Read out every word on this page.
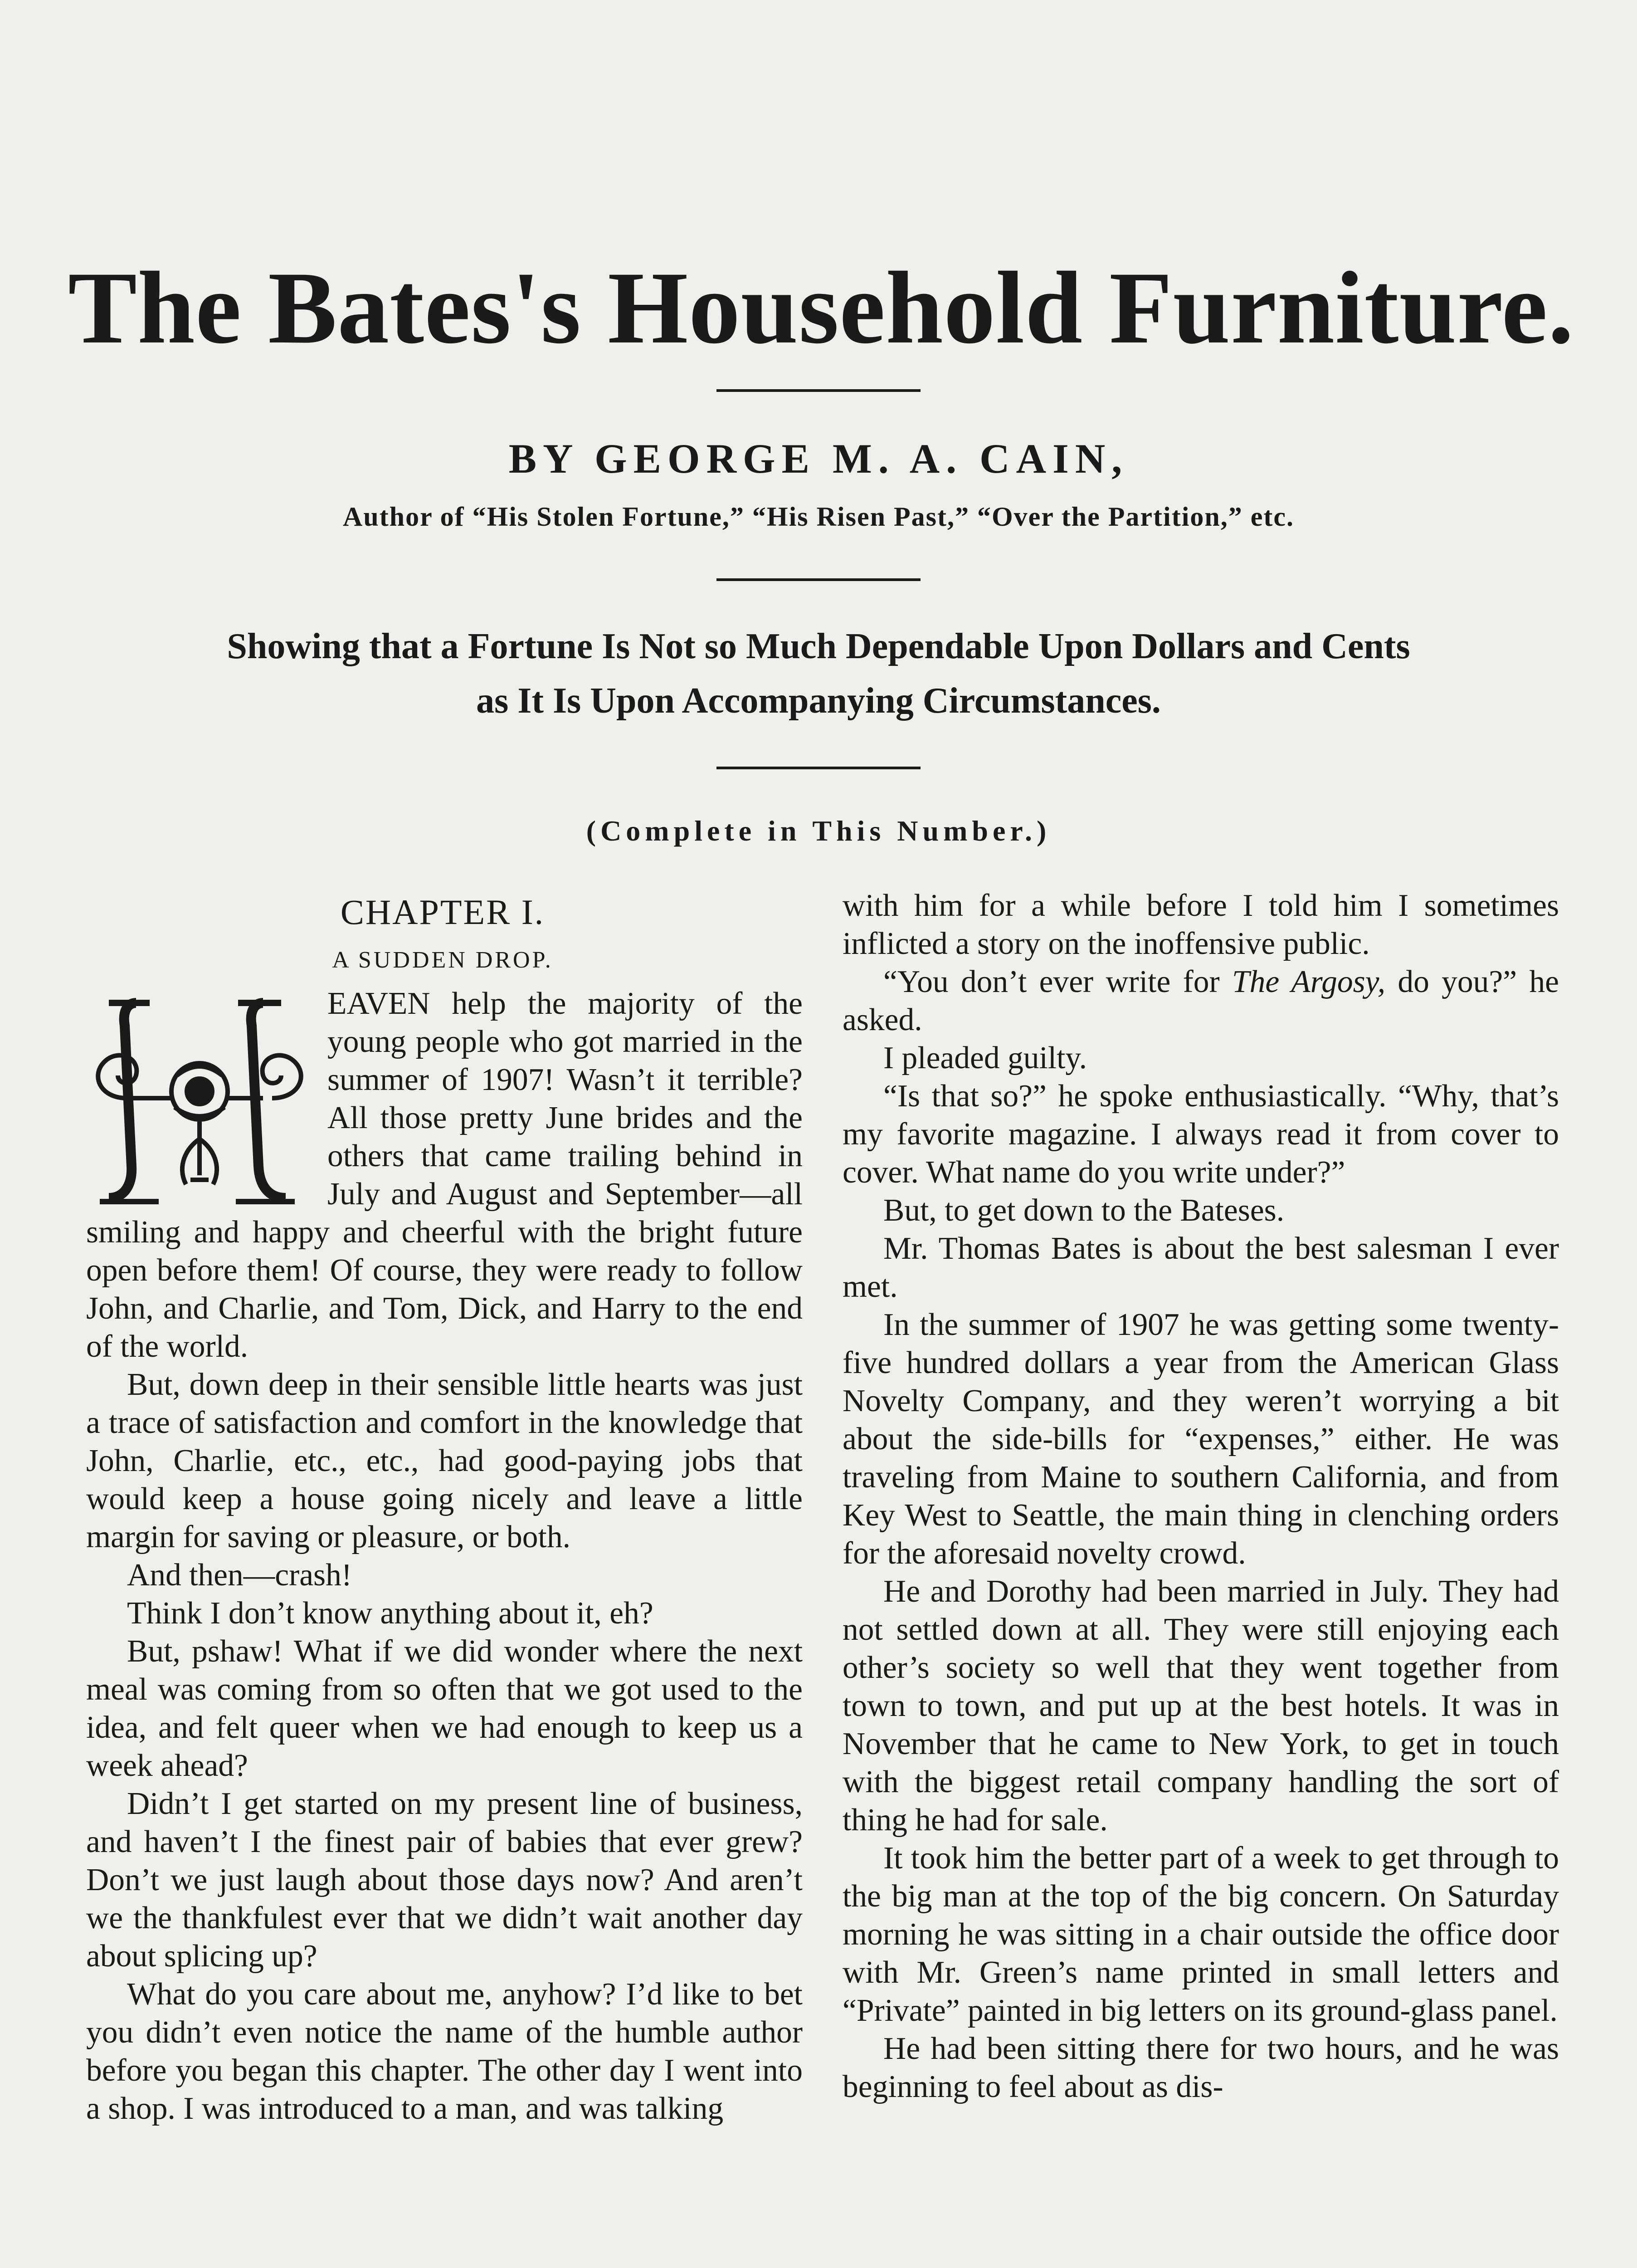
The Bates's Household Furniture.
BY GEORGE M. A. CAIN,
Author of “His Stolen Fortune,” “His Risen Past,” “Over the Partition,” etc.
Showing that a Fortune Is Not so Much Dependable Upon Dollars and Cents
as It Is Upon Accompanying Circumstances.
(Complete in This Number.)
CHAPTER I.
A SUDDEN DROP.

EAVEN help the majority of the young people who got married in the summer of 1907! Wasn’t it terrible? All those pretty June brides and the others that came trailing behind in July and August and September—all smiling and happy and cheerful with the bright future open before them! Of course, they were ready to follow John, and Charlie, and Tom, Dick, and Harry to the end of the world.

But, down deep in their sensible little hearts was just a trace of satisfaction and comfort in the knowledge that John, Charlie, etc., etc., had good-paying jobs that would keep a house going nicely and leave a little margin for saving or pleasure, or both.

And then—crash!

Think I don’t know anything about it, eh?

But, pshaw! What if we did wonder where the next meal was coming from so often that we got used to the idea, and felt queer when we had enough to keep us a week ahead?

Didn’t I get started on my present line of business, and haven’t I the finest pair of babies that ever grew? Don’t we just laugh about those days now? And aren’t we the thankfulest ever that we didn’t wait another day about splicing up?

What do you care about me, anyhow? I’d like to bet you didn’t even notice the name of the humble author before you began this chapter. The other day I went into a shop. I was introduced to a man, and was talking

with him for a while before I told him I sometimes inflicted a story on the inoffensive public.

“You don’t ever write for The Argosy, do you?” he asked.

I pleaded guilty.

“Is that so?” he spoke enthusiastically. “Why, that’s my favorite magazine. I always read it from cover to cover. What name do you write under?”

But, to get down to the Bateses.

Mr. Thomas Bates is about the best salesman I ever met.

In the summer of 1907 he was getting some twenty-five hundred dollars a year from the American Glass Novelty Company, and they weren’t worrying a bit about the side-bills for “expenses,” either. He was traveling from Maine to southern California, and from Key West to Seattle, the main thing in clenching orders for the aforesaid novelty crowd.

He and Dorothy had been married in July. They had not settled down at all. They were still enjoying each other’s society so well that they went together from town to town, and put up at the best hotels. It was in November that he came to New York, to get in touch with the biggest retail company handling the sort of thing he had for sale.

It took him the better part of a week to get through to the big man at the top of the big concern. On Saturday morning he was sitting in a chair outside the office door with Mr. Green’s name printed in small letters and “Private” painted in big letters on its ground-glass panel.

He had been sitting there for two hours, and he was beginning to feel about as dis-
